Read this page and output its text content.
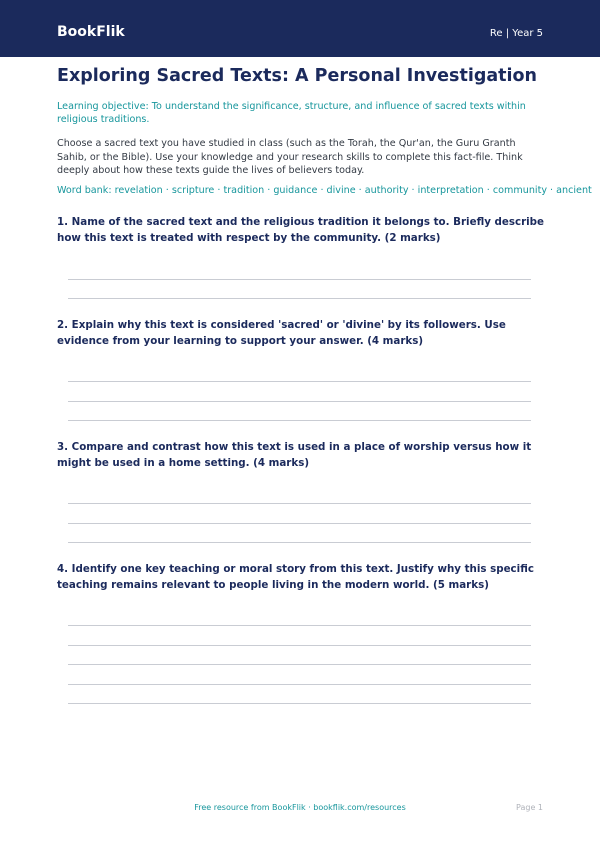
BookFlik	Re | Year 5
Exploring Sacred Texts: A Personal Investigation

Learning objective: To understand the significance, structure, and influence of sacred texts within religious traditions.

Choose a sacred text you have studied in class (such as the Torah, the Qur'an, the Guru Granth Sahib, or the Bible). Use your knowledge and your research skills to complete this fact-file. Think deeply about how these texts guide the lives of believers today.

Word bank: revelation · scripture · tradition · guidance · divine · authority · interpretation · community · ancient

1. Name of the sacred text and the religious tradition it belongs to. Briefly describe how this text is treated with respect by the community. (2 marks)

2. Explain why this text is considered 'sacred' or 'divine' by its followers. Use evidence from your learning to support your answer. (4 marks)

3. Compare and contrast how this text is used in a place of worship versus how it might be used in a home setting. (4 marks)

4. Identify one key teaching or moral story from this text. Justify why this specific teaching remains relevant to people living in the modern world. (5 marks)

Free resource from BookFlik · bookflik.com/resources	Page 1
